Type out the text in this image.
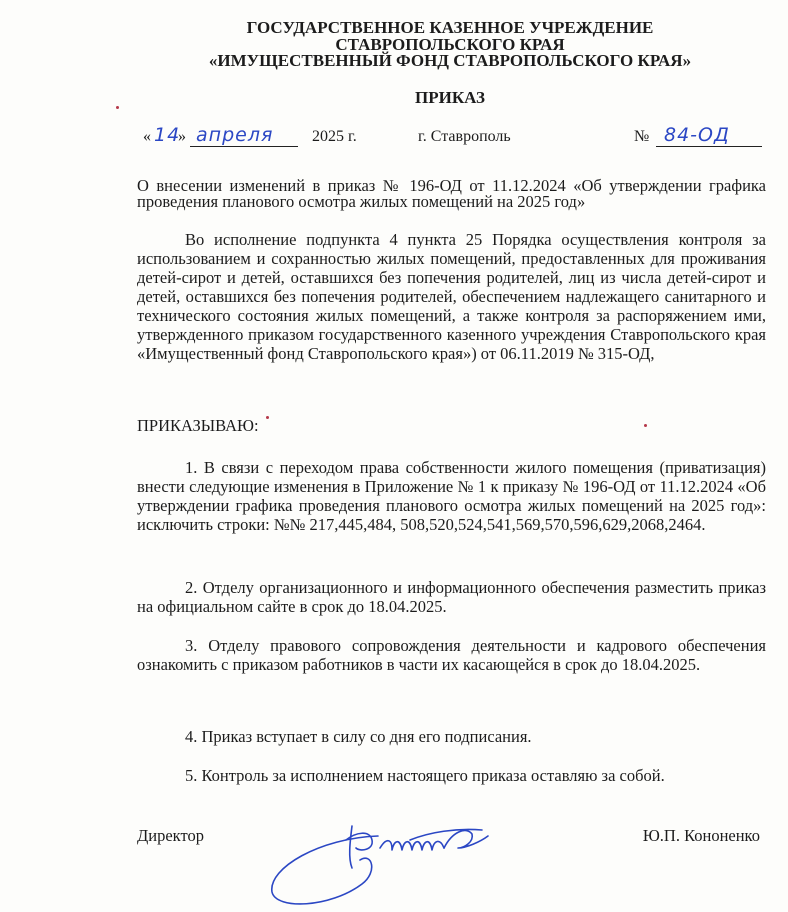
ГОСУДАРСТВЕННОЕ КАЗЕННОЕ УЧРЕЖДЕНИЕ
СТАВРОПОЛЬСКОГО КРАЯ
«ИМУЩЕСТВЕННЫЙ ФОНД СТАВРОПОЛЬСКОГО КРАЯ»
ПРИКАЗ
« 14
» апреля 2025 г.	г. Ставрополь	№ 84-ОД
О внесении изменений в приказ № 196-ОД от 11.12.2024 «Об утверждении графика проведения планового осмотра жилых помещений на 2025 год»
Во исполнение подпункта 4 пункта 25 Порядка осуществления контроля за использованием и сохранностью жилых помещений, предоставленных для проживания детей-сирот и детей, оставшихся без попечения родителей, лиц из числа детей-сирот и детей, оставшихся без попечения родителей, обеспечением надлежащего санитарного и технического состояния жилых помещений, а также контроля за распоряжением ими, утвержденного приказом государственного казенного учреждения Ставропольского края «Имущественный фонд Ставропольского края») от 06.11.2019 № 315-ОД,
ПРИКАЗЫВАЮ:
1. В связи с переходом права собственности жилого помещения (приватизация) внести следующие изменения в Приложение № 1 к приказу № 196-ОД от 11.12.2024 «Об утверждении графика проведения планового осмотра жилых помещений на 2025 год»: исключить строки: №№ 217,445,484, 508,520,524,541,569,570,596,629,2068,2464.
2. Отделу организационного и информационного обеспечения разместить приказ на официальном сайте в срок до 18.04.2025.
3. Отделу правового сопровождения деятельности и кадрового обеспечения ознакомить с приказом работников в части их касающейся в срок до 18.04.2025.
4. Приказ вступает в силу со дня его подписания.
5. Контроль за исполнением настоящего приказа оставляю за собой.
Директор	Ю.П. Кононенко
